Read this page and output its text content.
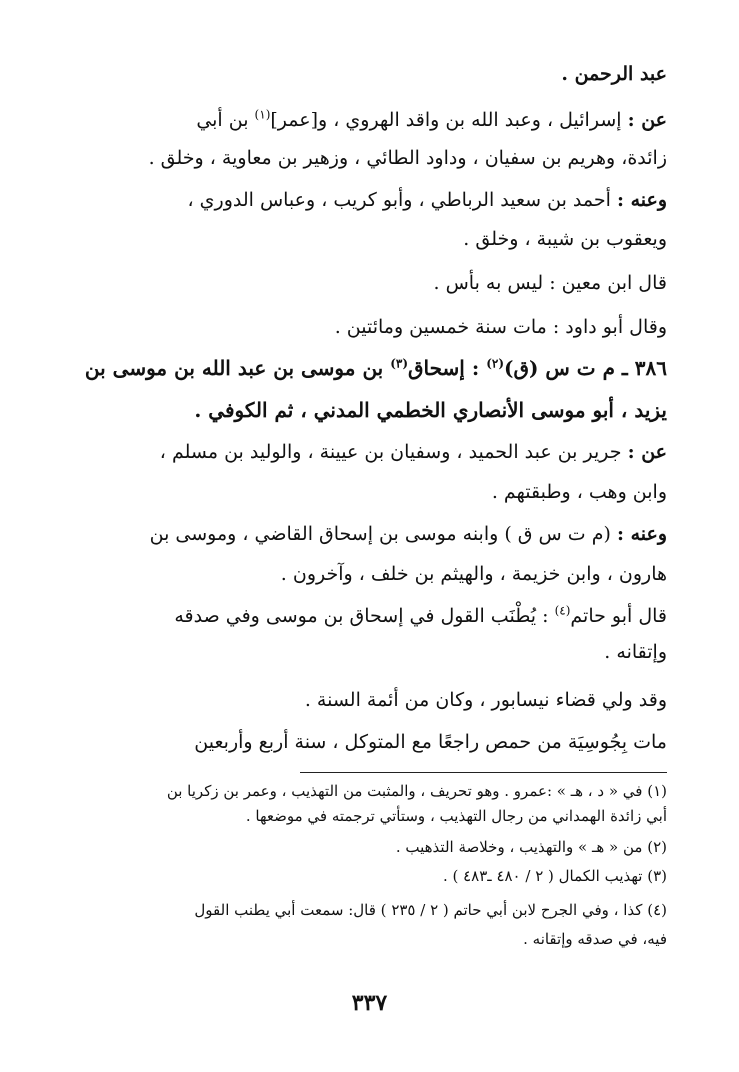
عبد الرحمن .
عن : إسرائيل ، وعبد الله بن واقد الهروي ، و[عمر]$^{(١)}$ بن أبي
زائدة، وهريم بن سفيان ، وداود الطائي ، وزهير بن معاوية ، وخلق .
وعنه : أحمد بن سعيد الرباطي ، وأبو كريب ، وعباس الدوري ،
ويعقوب بن شيبة ، وخلق .
قال ابن معين : ليس به بأس .
وقال أبو داود : مات سنة خمسين ومائتين .
٣٨٦ ـ م ت س (ق)$^{(٢)}$ : إسحاق$^{(٣)}$ بن موسى بن عبد الله بن موسى بن
يزيد ، أبو موسى الأنصاري الخطمي المدني ، ثم الكوفي .
عن : جرير بن عبد الحميد ، وسفيان بن عيينة ، والوليد بن مسلم ،
وابن وهب ، وطبقتهم .
وعنه : (م ت س ق ) وابنه موسى بن إسحاق القاضي ، وموسى بن
هارون ، وابن خزيمة ، والهيثم بن خلف ، وآخرون .
قال أبو حاتم$^{(٤)}$ : يُطْنَب القول في إسحاق بن موسى وفي صدقه
وإتقانه .
وقد ولي قضاء نيسابور ، وكان من أئمة السنة .
مات بِجُوسِيَة من حمص راجعًا مع المتوكل ، سنة أربع وأربعين
(١) في « د ، هـ » :عمرو . وهو تحريف ، والمثبت من التهذيب ، وعمر بن زكريا بن
أبي زائدة الهمداني من رجال التهذيب ، وستأتي ترجمته في موضعها .
(٢) من « هـ » والتهذيب ، وخلاصة التذهيب .
(٣) تهذيب الكمال ( ٢ / ٤٨٠ ـ٤٨٣ ) .
(٤) كذا ، وفي الجرح لابن أبي حاتم ( ٢ / ٢٣٥ ) قال: سمعت أبي يطنب القول
فيه، في صدقه وإتقانه .
٣٣٧
